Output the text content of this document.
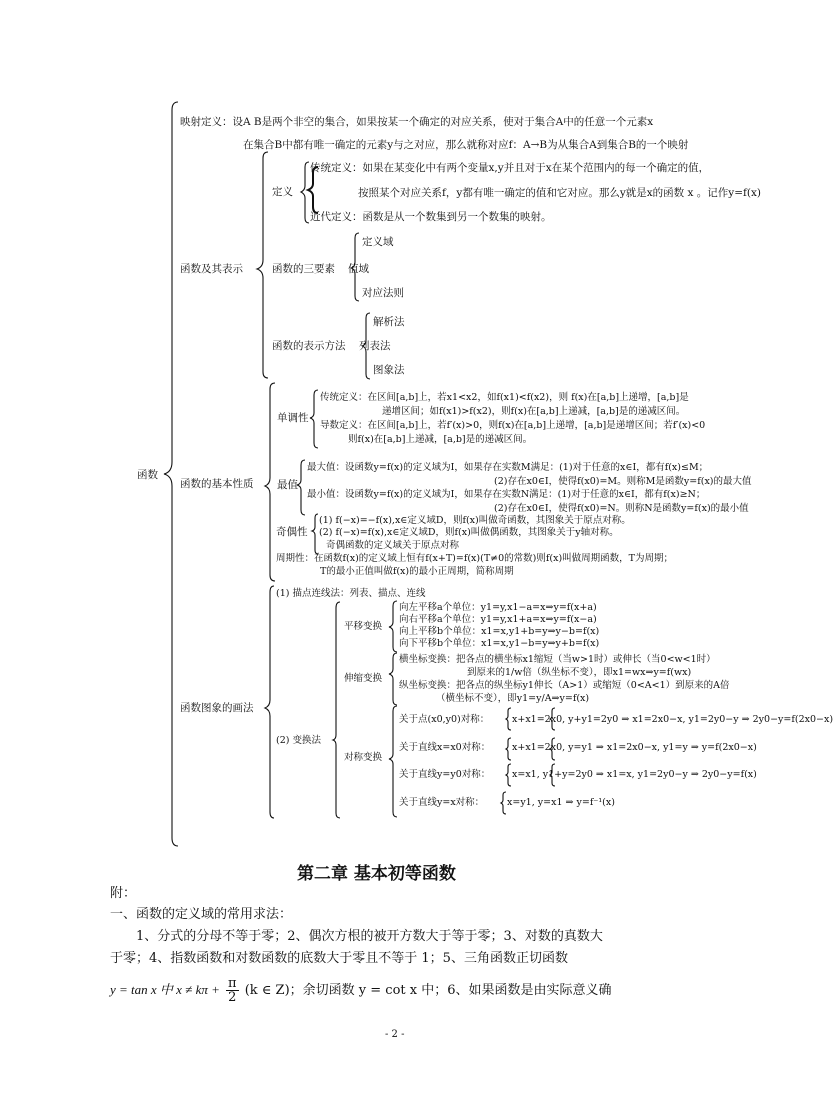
函数
映射定义：设A B是两个非空的集合，如果按某一个确定的对应关系，使对于集合A中的任意一个元素x
在集合B中都有唯一确定的元素y与之对应，那么就称对应f：A→B为从集合A到集合B的一个映射
函数及其表示
定义
传统定义：如果在某变化中有两个变量x,y并且对于x在某个范围内的每一个确定的值，
按照某个对应关系f，y都有唯一确定的值和它对应。那么y就是x的函数 x 。记作y=f(x)
近代定义：函数是从一个数集到另一个数集的映射。
函数的三要素
定义域
值域
对应法则
函数的表示方法
解析法
列表法
图象法
函数的基本性质
单调性
传统定义：在区间[a,b]上，若x1<x2，如f(x1)<f(x2)，则 f(x)在[a,b]上递增，[a,b]是
递增区间；如f(x1)>f(x2)，则f(x)在[a,b]上递减，[a,b]是的递减区间。
导数定义：在区间[a,b]上，若f′(x)>0，则f(x)在[a,b]上递增，[a,b]是递增区间；若f′(x)<0
则f(x)在[a,b]上递减，[a,b]是的递减区间。
最值
最大值：设函数y=f(x)的定义域为I，如果存在实数M满足：(1)对于任意的x∈I，都有f(x)≤M；
(2)存在x0∈I，使得f(x0)=M。则称M是函数y=f(x)的最大值
最小值：设函数y=f(x)的定义域为I，如果存在实数N满足：(1)对于任意的x∈I，都有f(x)≥N；
(2)存在x0∈I，使得f(x0)=N。则称N是函数y=f(x)的最小值
奇偶性
(1) f(−x)=−f(x),x∈定义域D，则f(x)叫做奇函数，其图象关于原点对称。
(2) f(−x)=f(x),x∈定义域D，则f(x)叫做偶函数，其图象关于y轴对称。
奇偶函数的定义域关于原点对称
周期性：在函数f(x)的定义域上恒有f(x+T)=f(x)(T≠0的常数)则f(x)叫做周期函数，T为周期；
T的最小正值叫做f(x)的最小正周期，简称周期
函数图象的画法
(1) 描点连线法：列表、描点、连线
(2) 变换法
平移变换
向左平移a个单位：y1=y,x1−a=x⇒y=f(x+a)
向右平移a个单位：y1=y,x1+a=x⇒y=f(x−a)
向上平移b个单位：x1=x,y1+b=y⇒y−b=f(x)
向下平移b个单位：x1=x,y1−b=y⇒y+b=f(x)
伸缩变换
横坐标变换：把各点的横坐标x1缩短（当w>1时）或伸长（当0<w<1时）
到原来的1/w倍（纵坐标不变），即x1=wx⇒y=f(wx)
纵坐标变换：把各点的纵坐标y1伸长（A>1）或缩短（0<A<1）到原来的A倍
（横坐标不变），即y1=y/A⇒y=f(x)
对称变换
关于点(x0,y0)对称： x+x1=2x0, y+y1=2y0 ⇒ x1=2x0−x, y1=2y0−y ⇒ 2y0−y=f(2x0−x)
关于直线x=x0对称： x+x1=2x0, y=y1 ⇒ x1=2x0−x, y1=y ⇒ y=f(2x0−x)
关于直线y=y0对称： x=x1, y1+y=2y0 ⇒ x1=x, y1=2y0−y ⇒ 2y0−y=f(x)
关于直线y=x对称： x=y1, y=x1 ⇒ y=f⁻¹(x)
第二章 基本初等函数
附：
一、函数的定义域的常用求法：
1、分式的分母不等于零；2、偶次方根的被开方数大于等于零；3、对数的真数大
于零；4、指数函数和对数函数的底数大于零且不等于 1；5、三角函数正切函数
y = tan x 中 $x \ne k\pi + \frac{\pi}{2} (k$ ∈ Z)；余切函数 y = cot x 中；6、如果函数是由实际意义确
- 2 -
